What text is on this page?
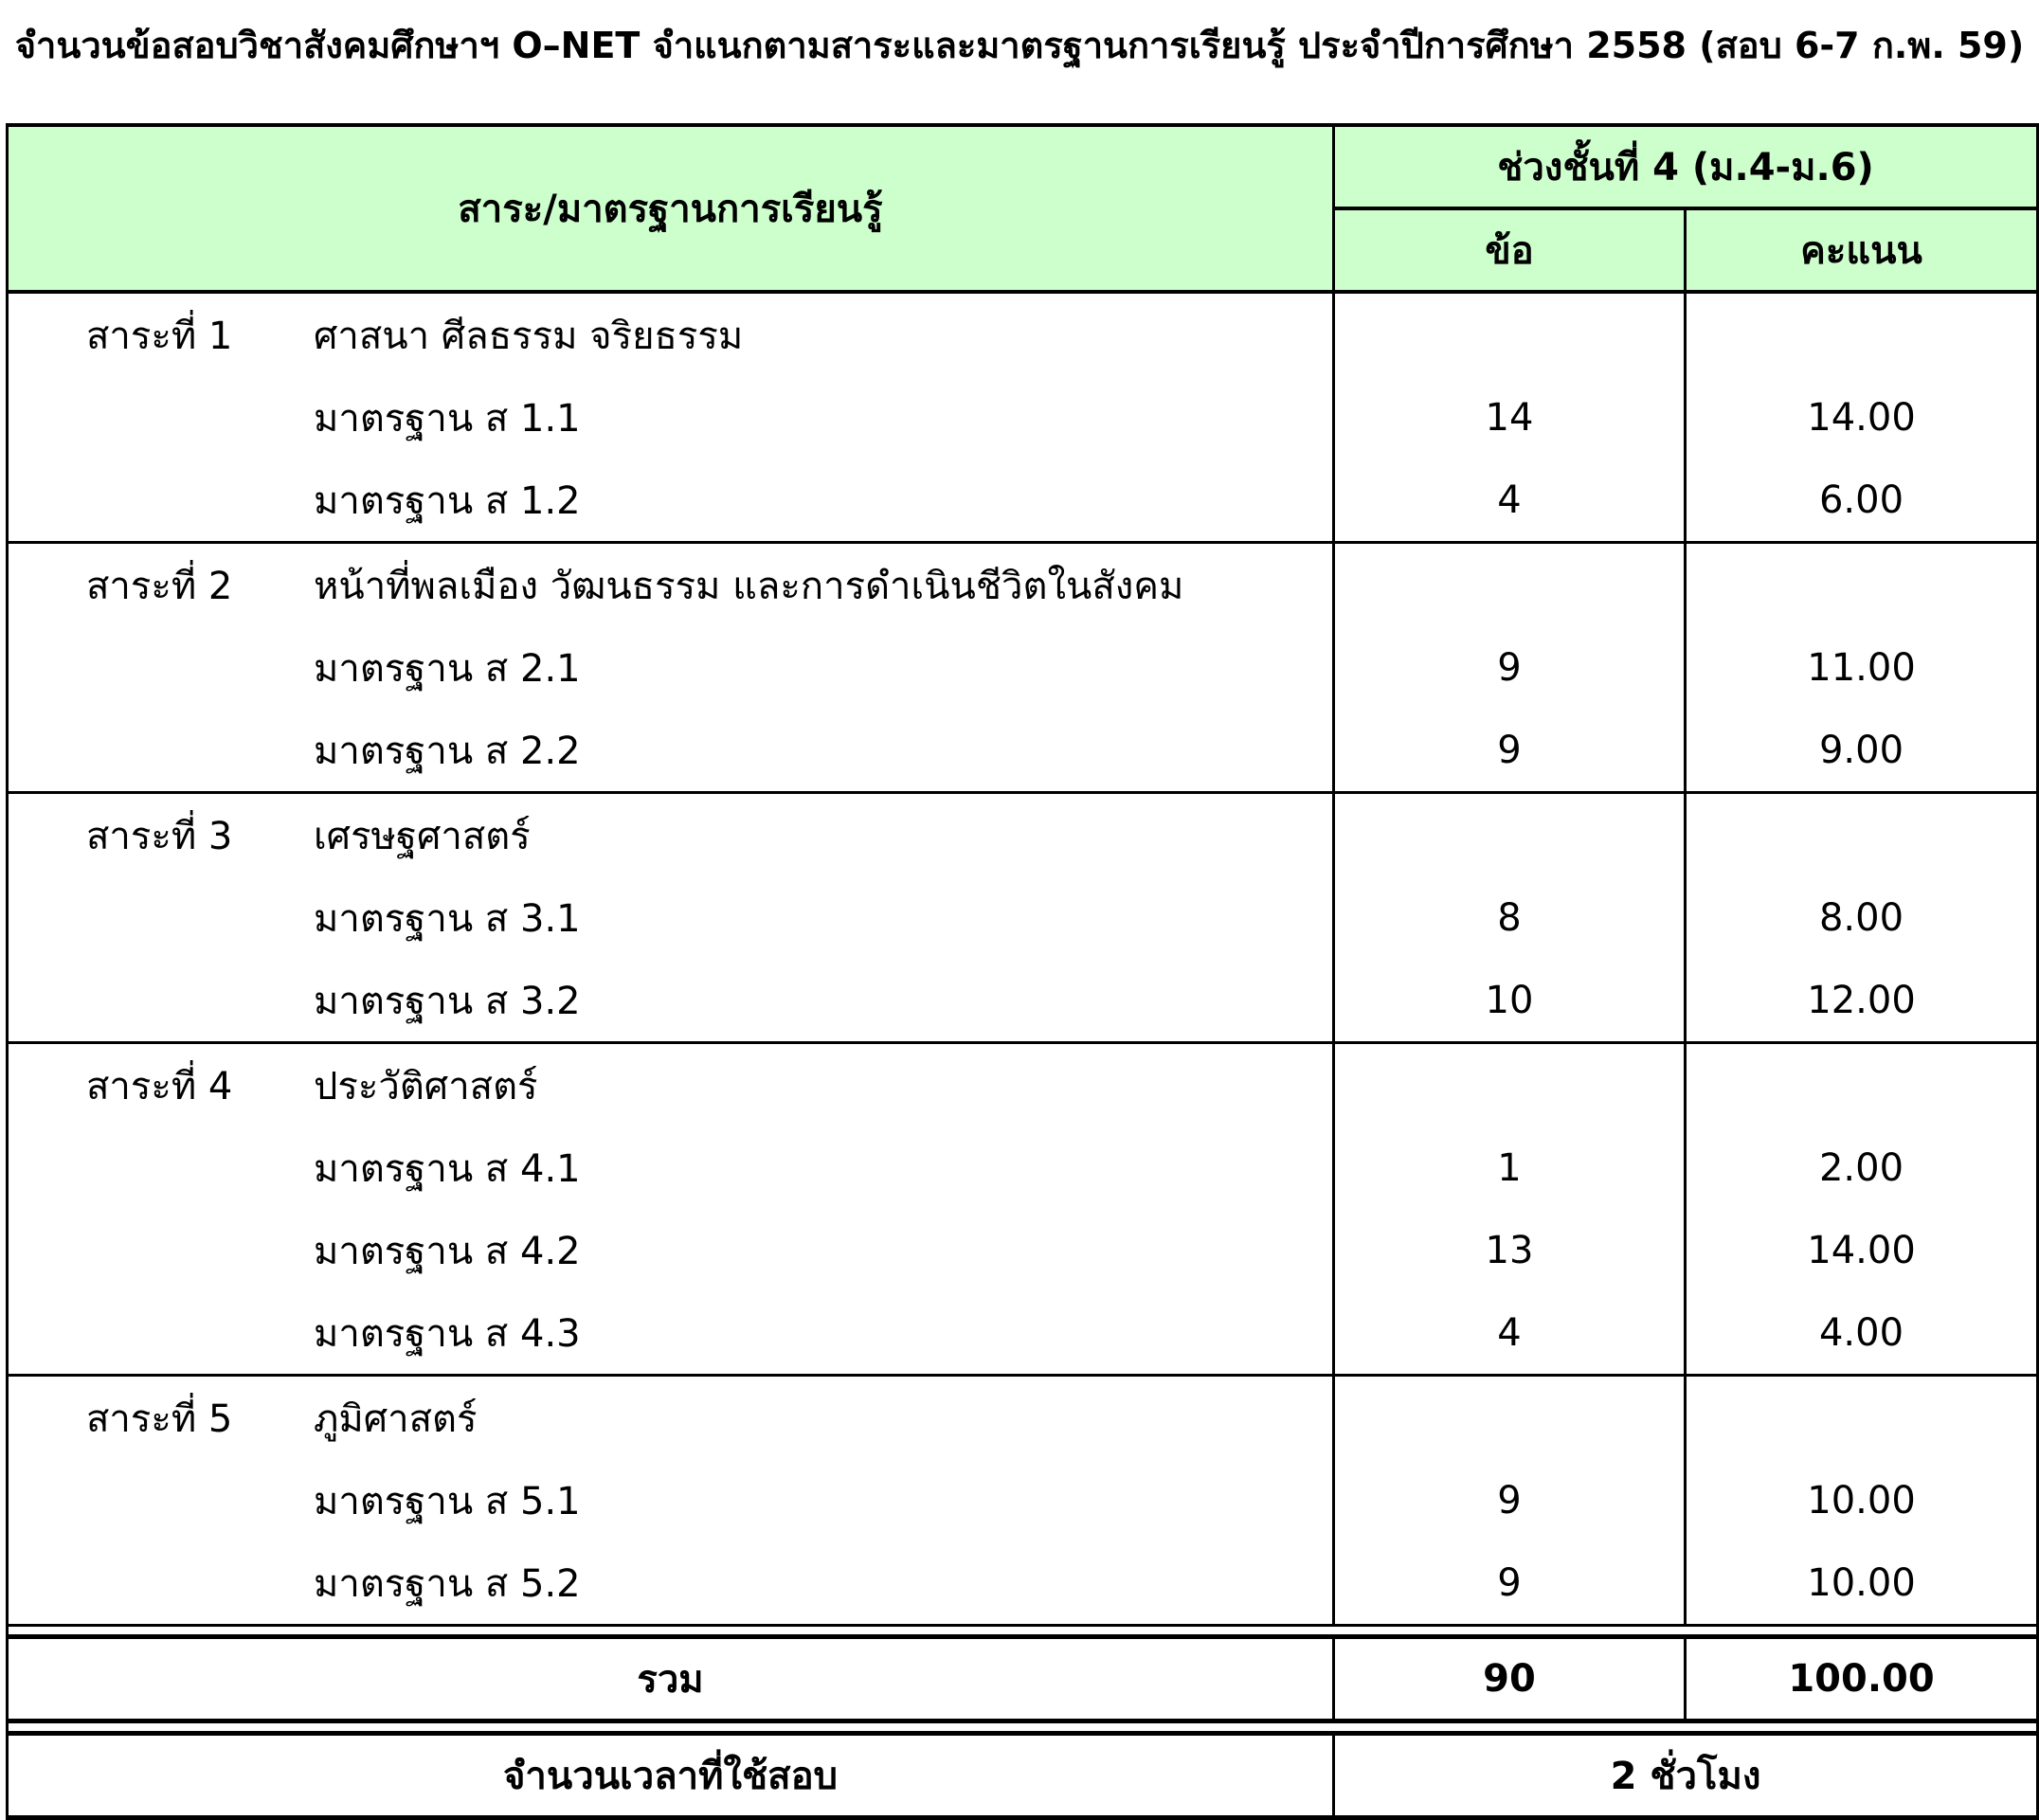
จำนวนข้อสอบวิชาสังคมศึกษาฯ O–NET จำแนกตามสาระและมาตรฐานการเรียนรู้ ประจำปีการศึกษา 2558 (สอบ 6-7 ก.พ. 59)
สาระ/มาตรฐานการเรียนรู้	ช่วงชั้นที่ 4 (ม.4-ม.6)	
	ข้อ	คะแนน

สาระที่ 1 ศาสนา ศีลธรรม จริยธรรม		

มาตรฐาน ส 1.1	14	14.00

มาตรฐาน ส 1.2	4	6.00

สาระที่ 2 หน้าที่พลเมือง วัฒนธรรม และการดำเนินชีวิตในสังคม		

มาตรฐาน ส 2.1	9	11.00

มาตรฐาน ส 2.2	9	9.00

สาระที่ 3 เศรษฐศาสตร์		

มาตรฐาน ส 3.1	8	8.00

มาตรฐาน ส 3.2	10	12.00

สาระที่ 4 ประวัติศาสตร์		

มาตรฐาน ส 4.1	1	2.00

มาตรฐาน ส 4.2	13	14.00

มาตรฐาน ส 4.3	4	4.00

สาระที่ 5 ภูมิศาสตร์		

มาตรฐาน ส 5.1	9	10.00

มาตรฐาน ส 5.2	9	10.00

รวม	90	100.00

จำนวนเวลาที่ใช้สอบ	2 ชั่วโมง	
